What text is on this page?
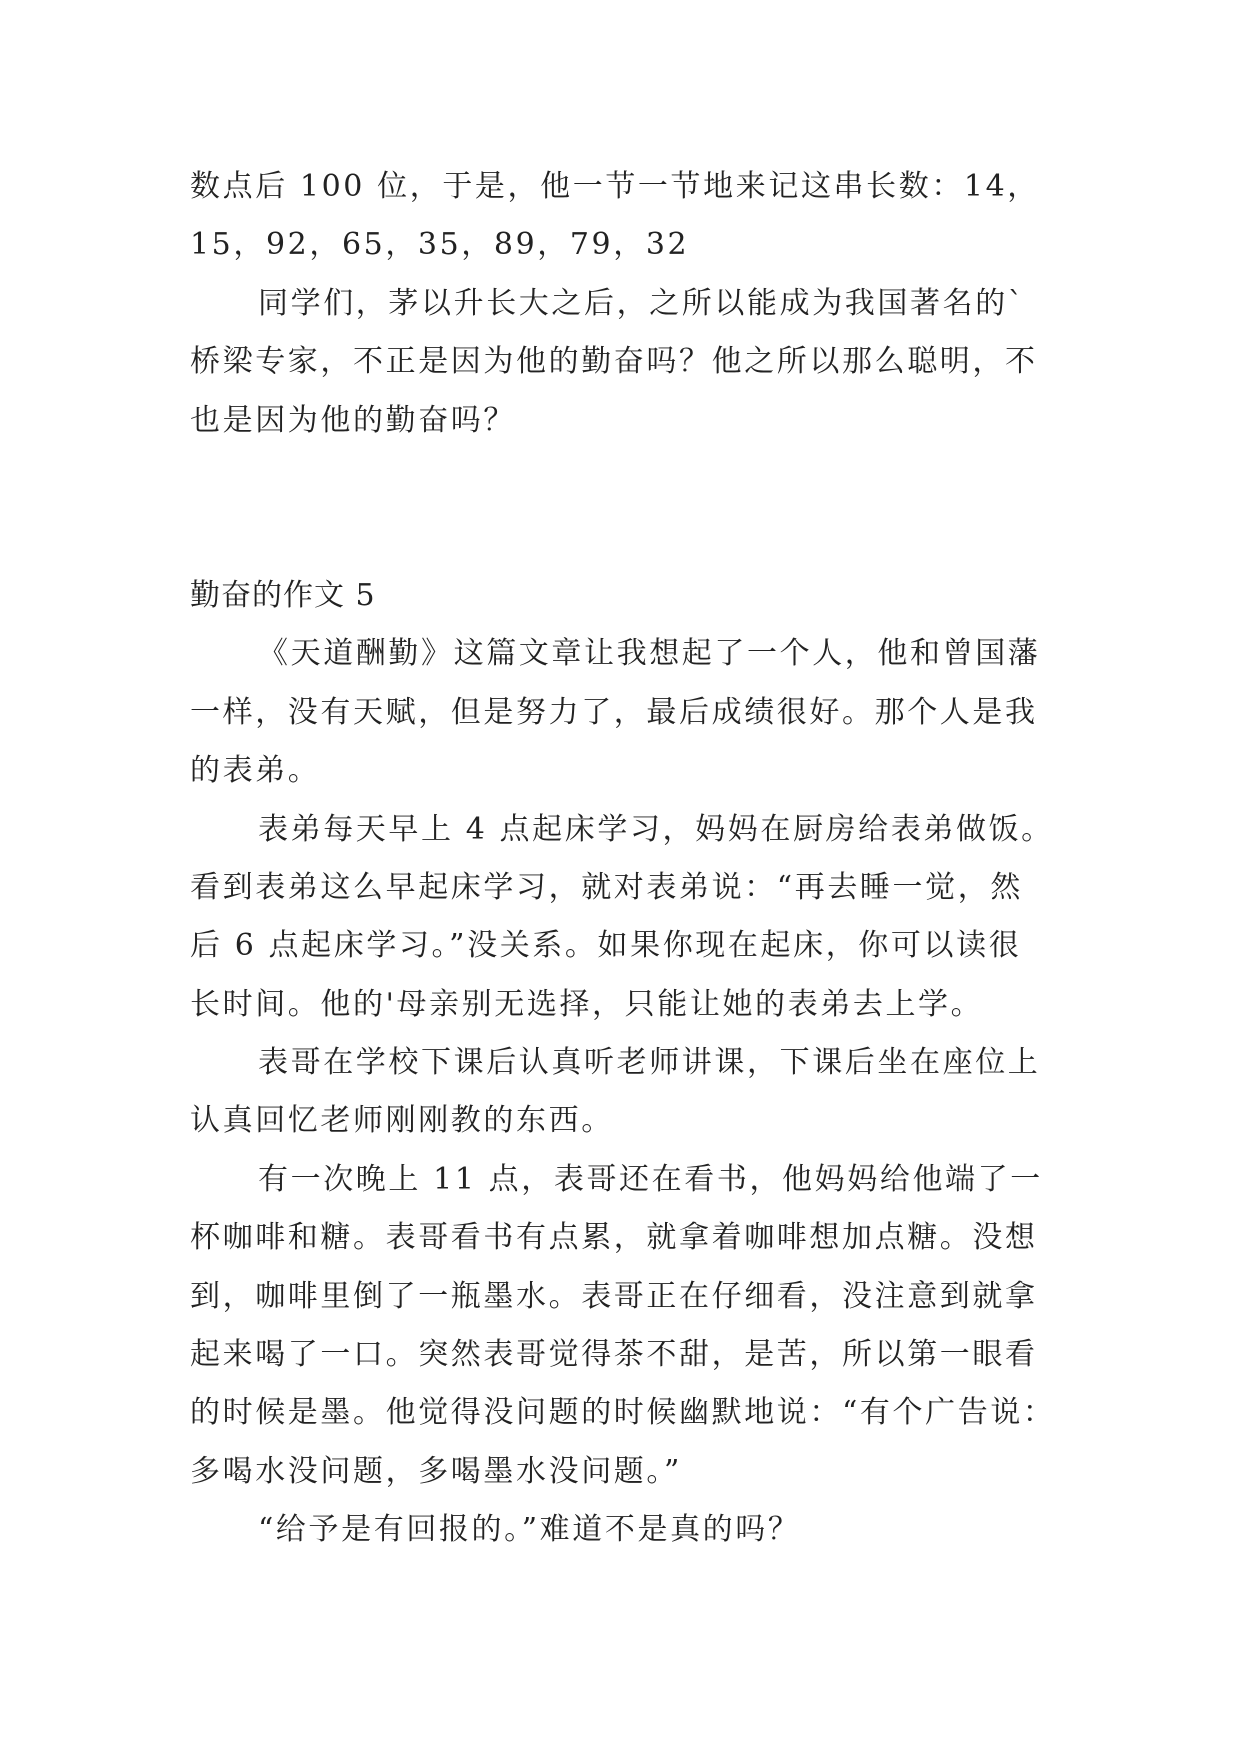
数点后 100 位，于是，他一节一节地来记这串长数：14，
15，92，65，35，89，79，32
同学们，茅以升长大之后，之所以能成为我国著名的`
桥梁专家，不正是因为他的勤奋吗？他之所以那么聪明，不
也是因为他的勤奋吗？
勤奋的作文 5
《天道酬勤》这篇文章让我想起了一个人，他和曾国藩
一样，没有天赋，但是努力了，最后成绩很好。那个人是我
的表弟。
表弟每天早上 4 点起床学习，妈妈在厨房给表弟做饭。
看到表弟这么早起床学习，就对表弟说：“再去睡一觉，然
后 6 点起床学习。”没关系。如果你现在起床，你可以读很
长时间。他的'母亲别无选择，只能让她的表弟去上学。
表哥在学校下课后认真听老师讲课，下课后坐在座位上
认真回忆老师刚刚教的东西。
有一次晚上 11 点，表哥还在看书，他妈妈给他端了一
杯咖啡和糖。表哥看书有点累，就拿着咖啡想加点糖。没想
到，咖啡里倒了一瓶墨水。表哥正在仔细看，没注意到就拿
起来喝了一口。突然表哥觉得茶不甜，是苦，所以第一眼看
的时候是墨。他觉得没问题的时候幽默地说：“有个广告说：
多喝水没问题，多喝墨水没问题。”
“给予是有回报的。”难道不是真的吗？
